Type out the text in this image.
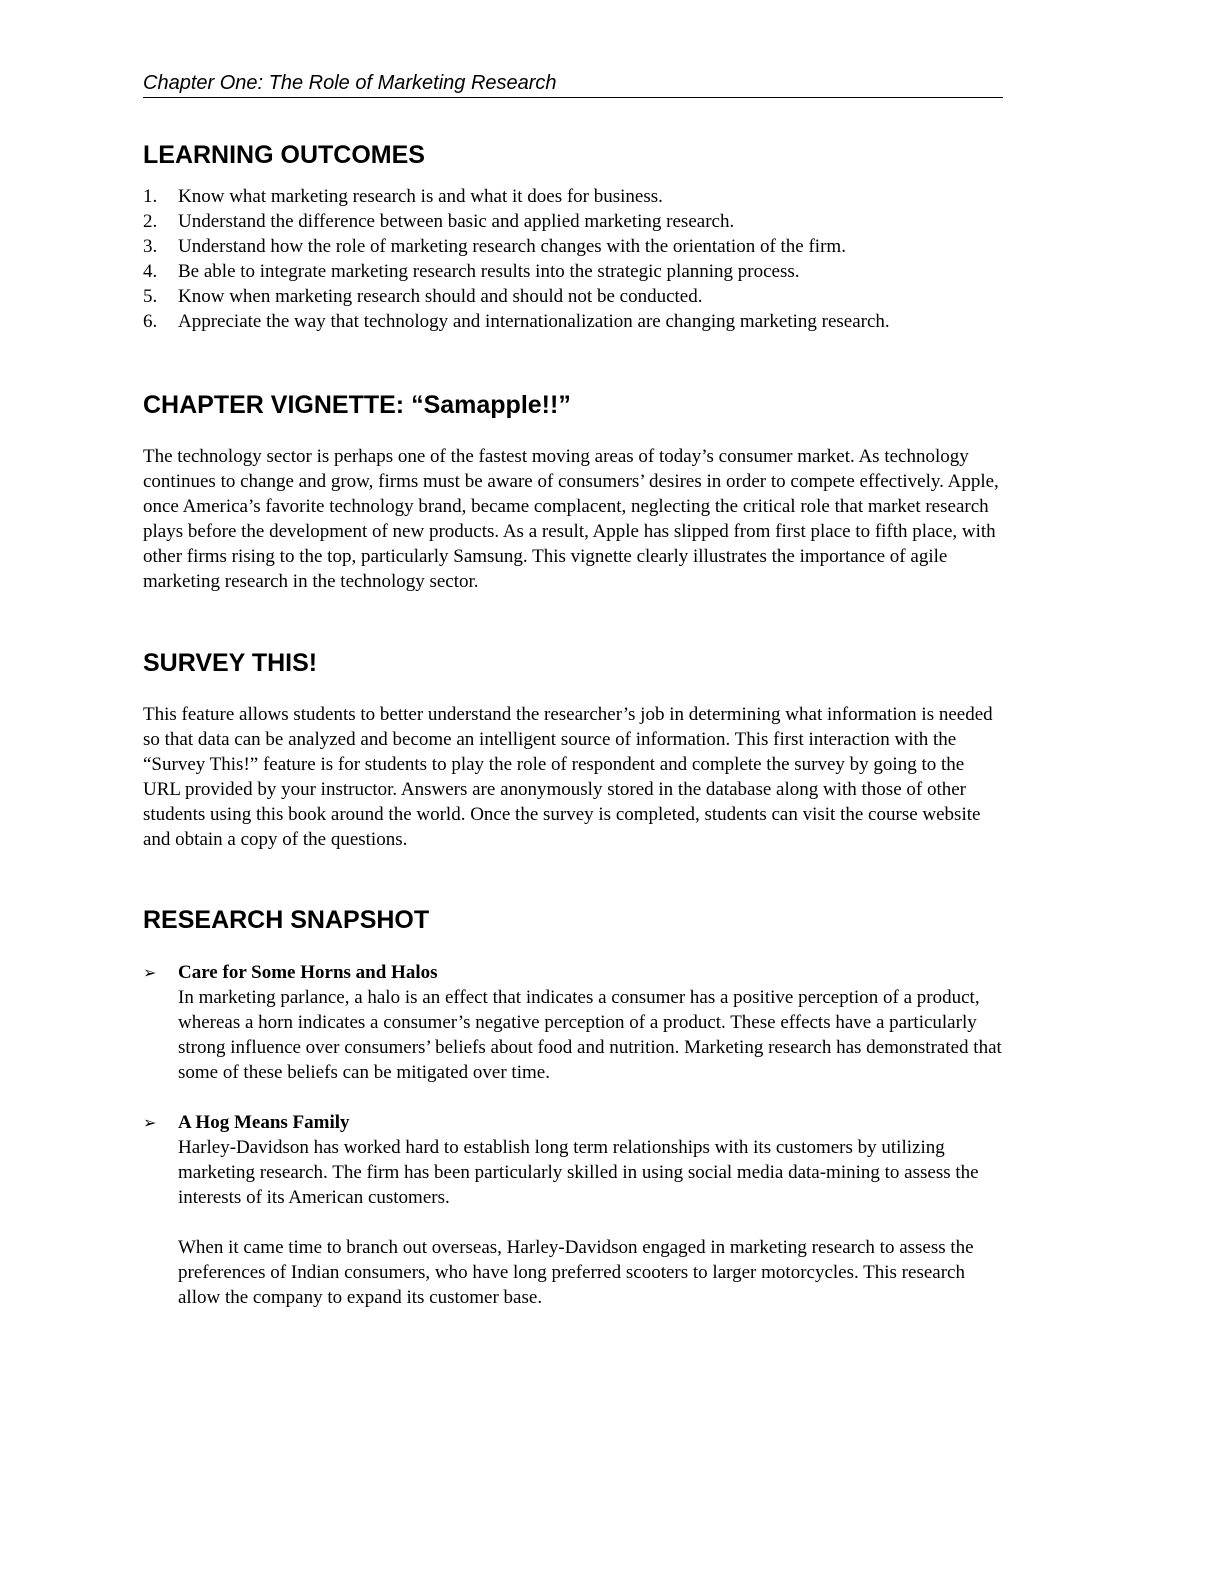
Chapter One: The Role of Marketing Research
LEARNING OUTCOMES
1. Know what marketing research is and what it does for business.
2. Understand the difference between basic and applied marketing research.
3. Understand how the role of marketing research changes with the orientation of the firm.
4. Be able to integrate marketing research results into the strategic planning process.
5. Know when marketing research should and should not be conducted.
6. Appreciate the way that technology and internationalization are changing marketing research.
CHAPTER VIGNETTE: “Samapple!!”

The technology sector is perhaps one of the fastest moving areas of today’s consumer market. As technology continues to change and grow, firms must be aware of consumers’ desires in order to compete effectively. Apple, once America’s favorite technology brand, became complacent, neglecting the critical role that market research plays before the development of new products. As a result, Apple has slipped from first place to fifth place, with other firms rising to the top, particularly Samsung. This vignette clearly illustrates the importance of agile marketing research in the technology sector.

SURVEY THIS!

This feature allows students to better understand the researcher’s job in determining what information is needed so that data can be analyzed and become an intelligent source of information. This first interaction with the “Survey This!” feature is for students to play the role of respondent and complete the survey by going to the URL provided by your instructor. Answers are anonymously stored in the database along with those of other students using this book around the world. Once the survey is completed, students can visit the course website and obtain a copy of the questions.

RESEARCH SNAPSHOT
➢ Care for Some Horns and Halos

In marketing parlance, a halo is an effect that indicates a consumer has a positive perception of a product, whereas a horn indicates a consumer’s negative perception of a product. These effects have a particularly strong influence over consumers’ beliefs about food and nutrition. Marketing research has demonstrated that some of these beliefs can be mitigated over time.

➢ A Hog Means Family

Harley-Davidson has worked hard to establish long term relationships with its customers by utilizing marketing research. The firm has been particularly skilled in using social media data-mining to assess the interests of its American customers.

When it came time to branch out overseas, Harley-Davidson engaged in marketing research to assess the preferences of Indian consumers, who have long preferred scooters to larger motorcycles. This research allow the company to expand its customer base.
